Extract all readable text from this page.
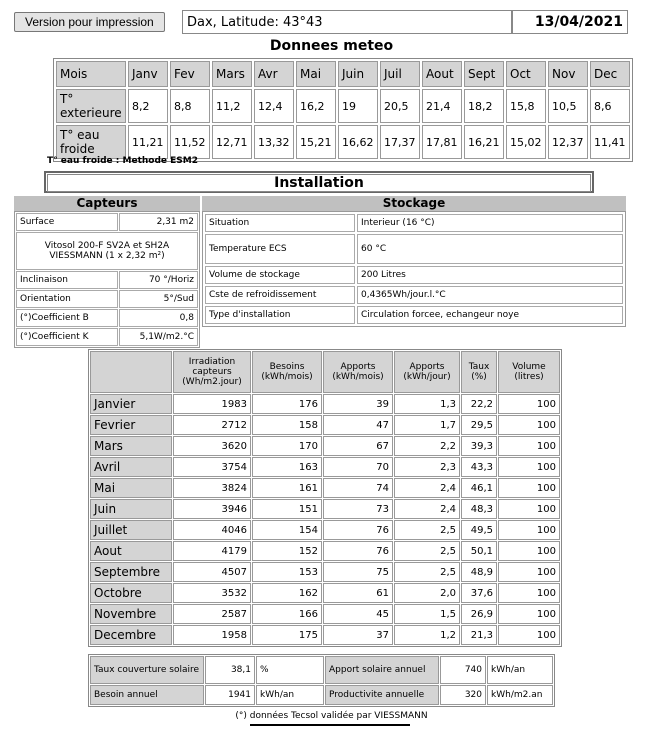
Version pour impression	Dax, Latitude: 43°43	13/04/2021
Donnees meteo
Mois	Janv	Fev	Mars	Avr	Mai	Juin	Juil	Aout	Sept	Oct	Nov	Dec
T° exterieure	8,2	8,8	11,2	12,4	16,2	19	20,5	21,4	18,2	15,8	10,5	8,6
T° eau froide	11,21	11,52	12,71	13,32	15,21	16,62	17,37	17,81	16,21	15,02	12,37	11,41
T° eau froide : Methode ESM2
Installation
Capteurs	Stockage
Surface	2,31 m2
Vitosol 200-F SV2A et SH2A VIESSMANN (1 x 2,32 m²)	
Inclinaison	70 °/Horiz
Orientation	5°/Sud
(°)Coefficient B	0,8
(°)Coefficient K	5,1W/m2.°C
Situation	Interieur (16 °C)
Temperature ECS	60 °C
Volume de stockage	200 Litres
Cste de refroidissement	0,4365Wh/jour.l.°C
Type d'installation	Circulation forcee, echangeur noye
	Irradiation capteurs (Wh/m2.jour)	Besoins (kWh/mois)	Apports (kWh/mois)	Apports (kWh/jour)	Taux (%)	Volume (litres)
Janvier	1983	176	39	1,3	22,2	100
Fevrier	2712	158	47	1,7	29,5	100
Mars	3620	170	67	2,2	39,3	100
Avril	3754	163	70	2,3	43,3	100
Mai	3824	161	74	2,4	46,1	100
Juin	3946	151	73	2,4	48,3	100
Juillet	4046	154	76	2,5	49,5	100
Aout	4179	152	76	2,5	50,1	100
Septembre	4507	153	75	2,5	48,9	100
Octobre	3532	162	61	2,0	37,6	100
Novembre	2587	166	45	1,5	26,9	100
Decembre	1958	175	37	1,2	21,3	100
Taux couverture solaire	38,1	%	Apport solaire annuel	740	kWh/an
Besoin annuel	1941	kWh/an	Productivite annuelle	320	kWh/m2.an
(°) données Tecsol validée par VIESSMANN
